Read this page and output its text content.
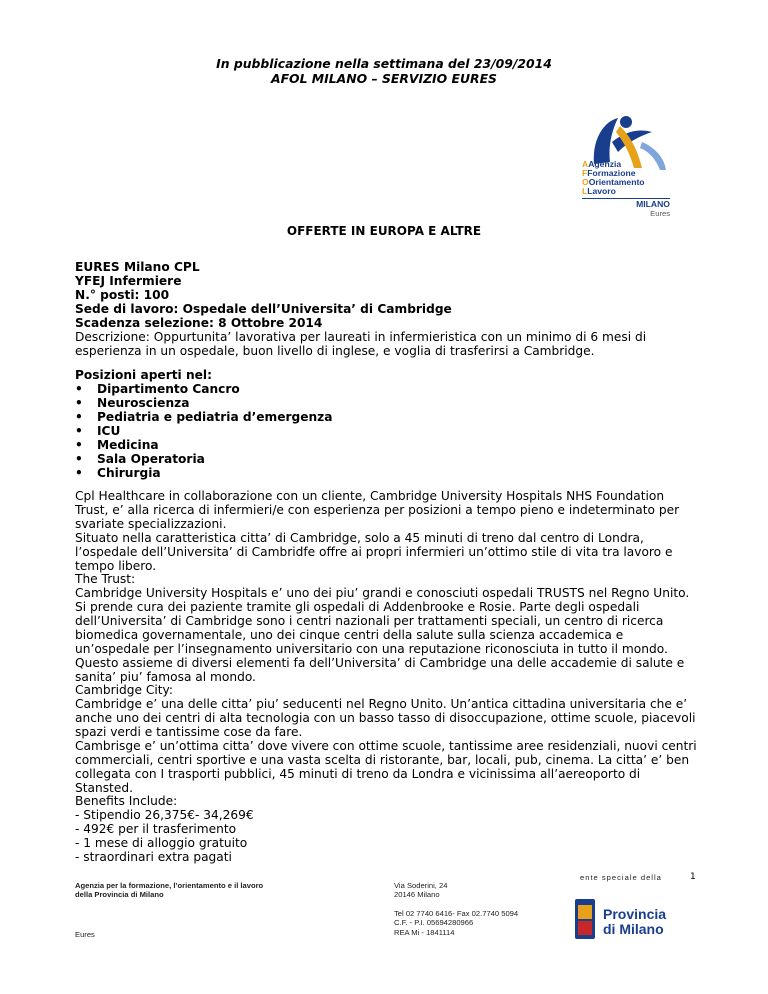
In pubblicazione nella settimana del 23/09/2014
AFOL MILANO – SERVIZIO EURES
AAgenzia
FFormazione
OOrientamento
LLavoro
MILANO
Eures
OFFERTE IN EUROPA E ALTRE
EURES Milano CPL
YFEJ Infermiere
N.° posti: 100
Sede di lavoro: Ospedale dell’Universita’ di Cambridge
Scadenza selezione: 8 Ottobre 2014
Descrizione: Oppurtunita’ lavorativa per laureati in infermieristica con un minimo di 6 mesi di esperienza in un ospedale, buon livello di inglese, e voglia di trasferirsi a Cambridge.
Posizioni aperti nel:
• Dipartimento Cancro
• Neuroscienza
• Pediatria e pediatria d’emergenza
• ICU
• Medicina
• Sala Operatoria
• Chirurgia
Cpl Healthcare in collaborazione con un cliente, Cambridge University Hospitals NHS Foundation Trust, e’ alla ricerca di infermieri/e con esperienza per posizioni a tempo pieno e indeterminato per svariate specializzazioni.
Situato nella caratteristica citta’ di Cambridge, solo a 45 minuti di treno dal centro di Londra, l’ospedale dell’Universita’ di Cambridfe offre ai propri infermieri un’ottimo stile di vita tra lavoro e tempo libero.
The Trust:
Cambridge University Hospitals e’ uno dei piu’ grandi e conosciuti ospedali TRUSTS nel Regno Unito.
Si prende cura dei paziente tramite gli ospedali di Addenbrooke e Rosie. Parte degli ospedali dell’Universita’ di Cambridge sono i centri nazionali per trattamenti speciali, un centro di ricerca biomedica governamentale, uno dei cinque centri della salute sulla scienza accademica e un’ospedale per l’insegnamento universitario con una reputazione riconosciuta in tutto il mondo. Questo assieme di diversi elementi fa dell’Universita’ di Cambridge una delle accademie di salute e sanita’ piu’ famosa al mondo.
Cambridge City:
Cambridge e’ una delle citta’ piu’ seducenti nel Regno Unito. Un’antica cittadina universitaria che e’ anche uno dei centri di alta tecnologia con un basso tasso di disoccupazione, ottime scuole, piacevoli spazi verdi e tantissime cose da fare.
Cambrisge e’ un’ottima citta’ dove vivere con ottime scuole, tantissime aree residenziali, nuovi centri commerciali, centri sportive e una vasta scelta di ristorante, bar, locali, pub, cinema. La citta’ e’ ben collegata con I trasporti pubblici, 45 minuti di treno da Londra e vicinissima all’aereoporto di Stansted.
Benefits Include:
- Stipendio 26,375€- 34,269€
- 492€ per il trasferimento
- 1 mese di alloggio gratuito
- straordinari extra pagati
1
Agenzia per la formazione, l’orientamento e il lavoro
della Provincia di Milano
Eures
Via Soderini, 24
20146 Milano
Tel 02 7740 6416- Fax 02.7740 5094
C.F. - P.I. 05694280966
REA Mi - 1841114
ente speciale della
Provincia
di Milano
